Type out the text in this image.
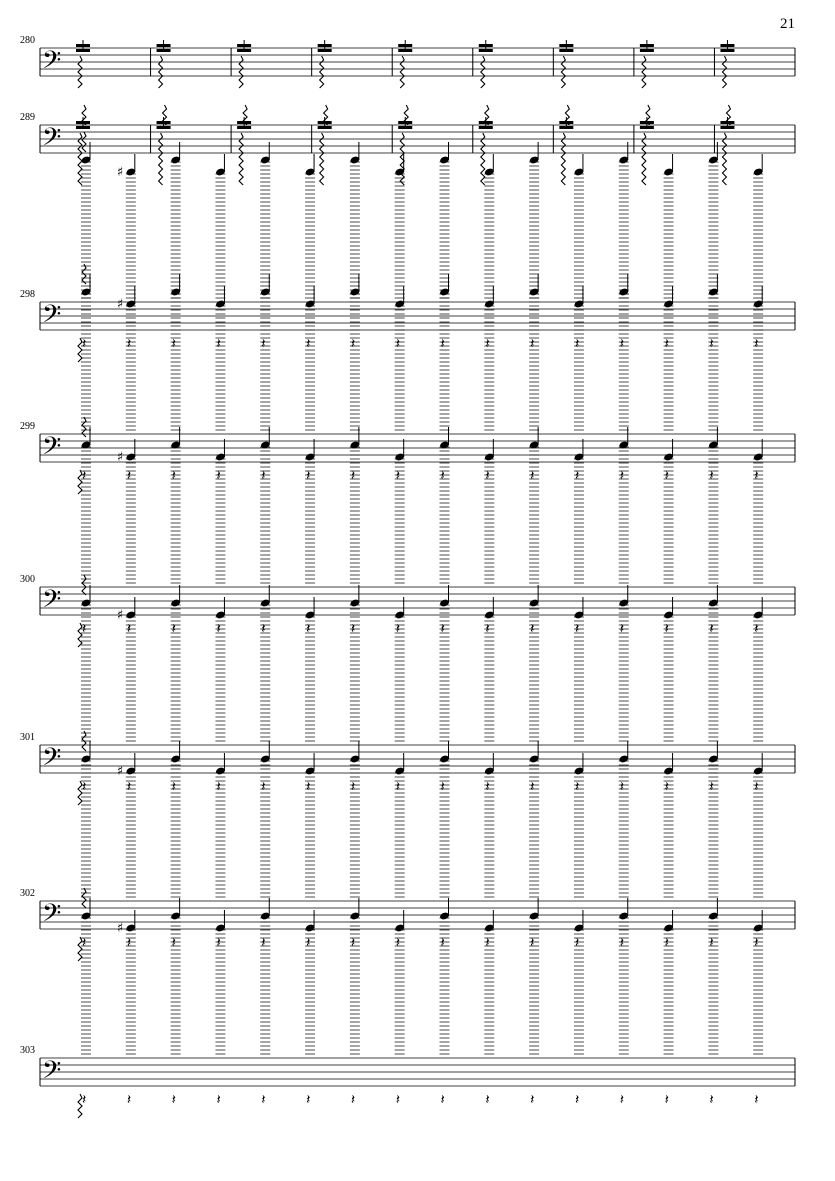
21
𝄢
280
𝄢
289
𝄢
298
𝄽
♯
𝄽	𝄽	𝄽	𝄽	𝄽	𝄽	𝄽	𝄽	𝄽	𝄽	𝄽	𝄽	𝄽	𝄽	𝄽
𝄢
299
𝄽
♯
𝄽	𝄽	𝄽	𝄽	𝄽	𝄽	𝄽	𝄽	𝄽	𝄽	𝄽	𝄽	𝄽	𝄽	𝄽
𝄢
300
𝄽
♯
𝄽	𝄽	𝄽	𝄽	𝄽	𝄽	𝄽	𝄽	𝄽	𝄽	𝄽	𝄽	𝄽	𝄽	𝄽
𝄢
301
𝄽
♯
𝄽	𝄽	𝄽	𝄽	𝄽	𝄽	𝄽	𝄽	𝄽	𝄽	𝄽	𝄽	𝄽	𝄽	𝄽
𝄢
302
𝄽
♯
𝄽	𝄽	𝄽	𝄽	𝄽	𝄽	𝄽	𝄽	𝄽	𝄽	𝄽	𝄽	𝄽	𝄽	𝄽
𝄢
303
𝄽
♯
𝄽	𝄽	𝄽	𝄽	𝄽	𝄽	𝄽	𝄽	𝄽	𝄽	𝄽	𝄽	𝄽	𝄽	𝄽
